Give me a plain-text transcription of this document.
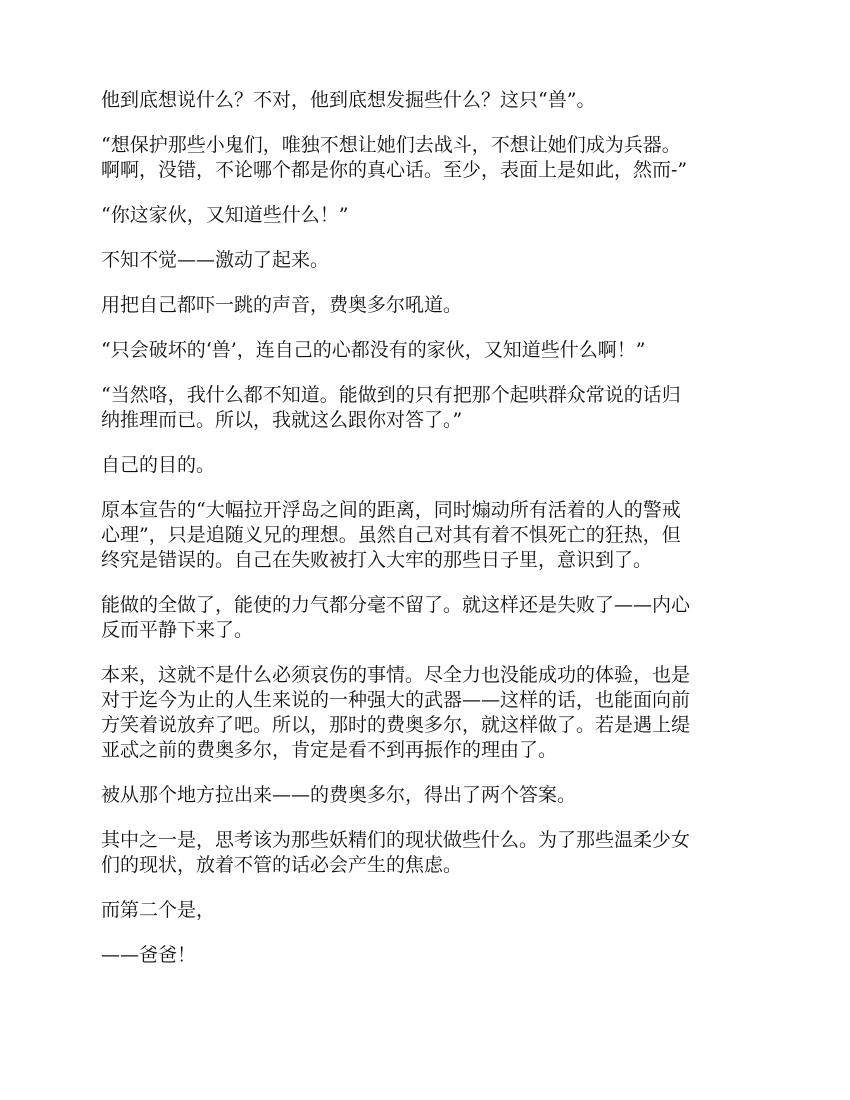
他到底想说什么？不对，他到底想发掘些什么？这只“兽”。

“想保护那些小鬼们，唯独不想让她们去战斗，不想让她们成为兵器。
啊啊，没错，不论哪个都是你的真心话。至少，表面上是如此，然而-”

“你这家伙，又知道些什么！”

不知不觉——激动了起来。

用把自己都吓一跳的声音，费奥多尔吼道。

“只会破坏的‘兽’，连自己的心都没有的家伙，又知道些什么啊！”

“当然咯，我什么都不知道。能做到的只有把那个起哄群众常说的话归
纳推理而已。所以，我就这么跟你对答了。”

自己的目的。

原本宣告的“大幅拉开浮岛之间的距离，同时煽动所有活着的人的警戒
心理”，只是追随义兄的理想。虽然自己对其有着不惧死亡的狂热，但
终究是错误的。自己在失败被打入大牢的那些日子里，意识到了。

能做的全做了，能使的力气都分毫不留了。就这样还是失败了——内心
反而平静下来了。

本来，这就不是什么必须哀伤的事情。尽全力也没能成功的体验，也是
对于迄今为止的人生来说的一种强大的武器——这样的话，也能面向前
方笑着说放弃了吧。所以，那时的费奥多尔，就这样做了。若是遇上缇
亚忒之前的费奥多尔，肯定是看不到再振作的理由了。

被从那个地方拉出来——的费奥多尔，得出了两个答案。

其中之一是，思考该为那些妖精们的现状做些什么。为了那些温柔少女
们的现状，放着不管的话必会产生的焦虑。

而第二个是，

——爸爸！
